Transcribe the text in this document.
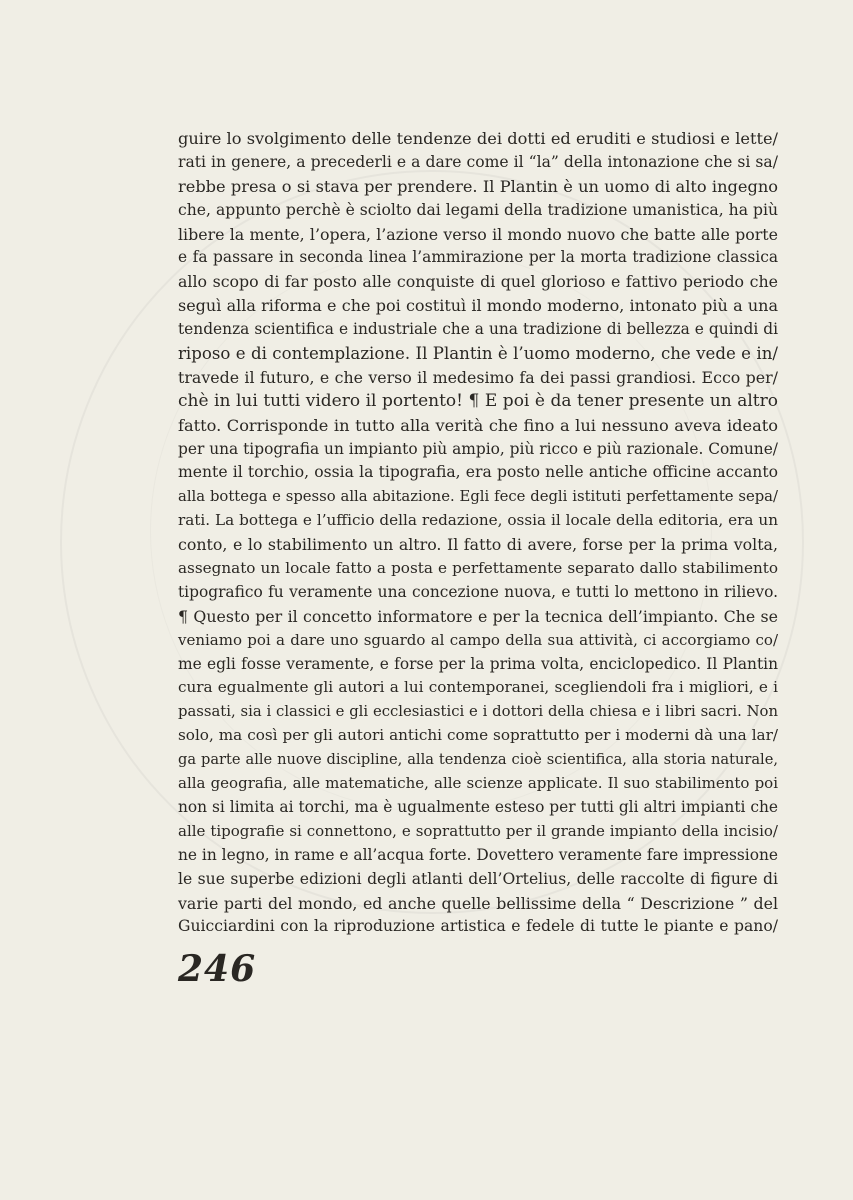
guire lo svolgimento delle tendenze dei dotti ed eruditi e studiosi e lette/
rati in genere, a precederli e a dare come il “la” della intonazione che si sa/
rebbe presa o si stava per prendere. Il Plantin è un uomo di alto ingegno
che, appunto perchè è sciolto dai legami della tradizione umanistica, ha più
libere la mente, l’opera, l’azione verso il mondo nuovo che batte alle porte
e fa passare in seconda linea l’ammirazione per la morta tradizione classica
allo scopo di far posto alle conquiste di quel glorioso e fattivo periodo che
seguì alla riforma e che poi costituì il mondo moderno, intonato più a una
tendenza scientifica e industriale che a una tradizione di bellezza e quindi di
riposo e di contemplazione. Il Plantin è l’uomo moderno, che vede e in/
travede il futuro, e che verso il medesimo fa dei passi grandiosi. Ecco per/
chè in lui tutti videro il portento! ¶ E poi è da tener presente un altro
fatto. Corrisponde in tutto alla verità che fino a lui nessuno aveva ideato
per una tipografia un impianto più ampio, più ricco e più razionale. Comune/
mente il torchio, ossia la tipografia, era posto nelle antiche officine accanto
alla bottega e spesso alla abitazione. Egli fece degli istituti perfettamente sepa/
rati. La bottega e l’ufficio della redazione, ossia il locale della editoria, era un
conto, e lo stabilimento un altro. Il fatto di avere, forse per la prima volta,
assegnato un locale fatto a posta e perfettamente separato dallo stabilimento
tipografico fu veramente una concezione nuova, e tutti lo mettono in rilievo.
¶ Questo per il concetto informatore e per la tecnica dell’impianto. Che se
veniamo poi a dare uno sguardo al campo della sua attività, ci accorgiamo co/
me egli fosse veramente, e forse per la prima volta, enciclopedico. Il Plantin
cura egualmente gli autori a lui contemporanei, scegliendoli fra i migliori, e i
passati, sia i classici e gli ecclesiastici e i dottori della chiesa e i libri sacri. Non
solo, ma così per gli autori antichi come soprattutto per i moderni dà una lar/
ga parte alle nuove discipline, alla tendenza cioè scientifica, alla storia naturale,
alla geografia, alle matematiche, alle scienze applicate. Il suo stabilimento poi
non si limita ai torchi, ma è ugualmente esteso per tutti gli altri impianti che
alle tipografie si connettono, e soprattutto per il grande impianto della incisio/
ne in legno, in rame e all’acqua forte. Dovettero veramente fare impressione
le sue superbe edizioni degli atlanti dell’Ortelius, delle raccolte di figure di
varie parti del mondo, ed anche quelle bellissime della “ Descrizione ” del
Guicciardini con la riproduzione artistica e fedele di tutte le piante e pano/
246
